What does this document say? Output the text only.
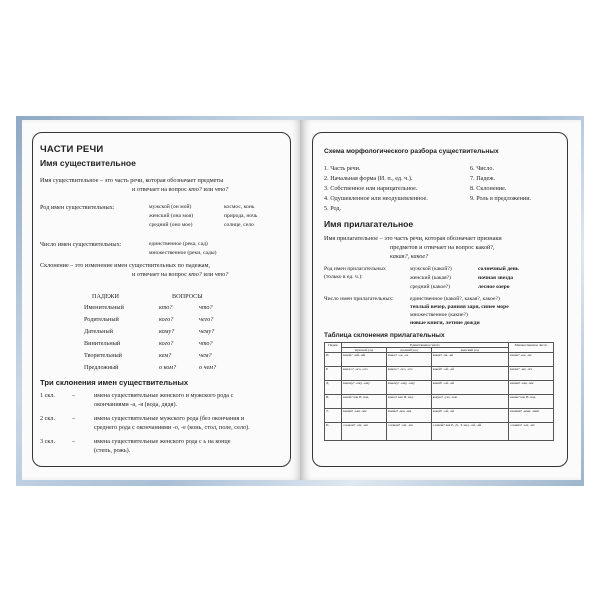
ЧАСТИ РЕЧИ
Имя существительное
Имя существительное – это часть речи, которая обозначает предметы
и отвечает на вопрос кто? или что?
Род имен существительных:	мужской (он мой)	космос, конь
женский (она моя)	природа, ночь
средний (оно мое)	солнце, село
Число имен существительных:	единственное (река, сад)
множественное (реки, сады)
Склонение – это изменение имен существительных по падежам,
и отвечает на вопрос кто? или что?
ПАДЕЖИ	ВОПРОСЫ
Именительный	кто?	что?
Родительный	кого?	чего?
Дательный	кому?	чему?
Винительный	кого?	что?
Творительный	кем?	чем?
Предложный	о ком?	о чем?
Три склонения имен существительных
1 скл.	–	имена существительные женского и мужского рода с
окончаниями -а, -я (вода, дядя).
2 скл.	–	имена существительные мужского рода (без окончания и
среднего рода с окончаниями -о, -е (конь, стол, поле, село).
3 скл.	–	имена существительные женского рода с ь на конце
(степь, рожь).
Схема морфологического разбора существительных
1. Часть речи.
2. Начальная форма (И. п., ед. ч.).
3. Собственное или нарицательное.
4. Одушевленное или неодушевленное.
5. Род.
6. Число.
7. Падеж.
8. Склонение.
9. Роль в предложении.
Имя прилагательное
Имя прилагательное – это часть речи, которая обозначает признаки
предметов и отвечает на вопрос какой?,
какая?, какое?
Род имен прилагательных
(только в ед. ч.):
мужской (какой?)	солнечный день
женский (какая?)	ночная звезда
средний (какое?)	лесное озеро
Число имен прилагательных:	единственное (какой?, какая?, какое?)
теплый вечер, ранняя заря, синее море
множественное (какие?)
новые книги, летние дожди
Таблица склонения прилагательных
Падеж	Единственное число			Множественное число
	мужской род	средний род	женский род	
И.	какой? -ый, -ий	какое? -ое, -ее	какая? -ая, -яя	какие? -ые, -ие
Р.	какого? -ого, -его	какого? -ого, -его	какой? -ой, -ей	каких? -ых, -их
Д.	какому? -ому, -ему	какому? -ому, -ему	какой? -ой, -ей	каким? -ым, -им
В.	какой? как И. над.	какое? как И. над.	какую? -ую, -юю	какие? как И. над.
Т.	каким? -ым, -им	каким? -ым, -им	какой? -ой, -ей	какими? -ыми, -ими
П.	о каком? -ом, -ем	о каком? -ом, -ем	о какой? как Р., Д., Т. над. -ой, -ей	о каких? -ых, -их
